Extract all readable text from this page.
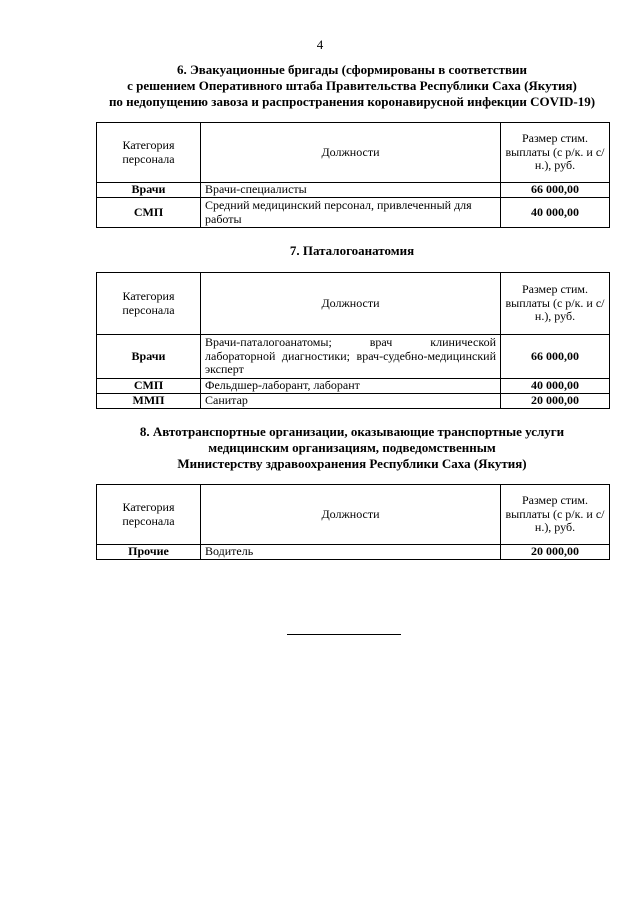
4
6. Эвакуационные бригады (сформированы в соответствии
с решением Оперативного штаба Правительства Республики Саха (Якутия)
по недопущению завоза и распространения коронавирусной инфекции COVID-19)
Категория персонала	Должности	Размер стим. выплаты (с р/к. и с/н.), руб.
Врачи	Врачи-специалисты	66 000,00
СМП	Средний медицинский персонал, привлеченный для работы	40 000,00
7. Паталогоанатомия
Категория персонала	Должности	Размер стим. выплаты (с р/к. и с/н.), руб.
Врачи	Врачи-паталогоанатомы; врач клинической лабораторной диагностики; врач-судебно-медицинский эксперт	66 000,00
СМП	Фельдшер-лаборант, лаборант	40 000,00
ММП	Санитар	20 000,00
8. Автотранспортные организации, оказывающие транспортные услуги
медицинским организациям, подведомственным
Министерству здравоохранения Республики Саха (Якутия)
Категория персонала	Должности	Размер стим. выплаты (с р/к. и с/н.), руб.
Прочие	Водитель	20 000,00
